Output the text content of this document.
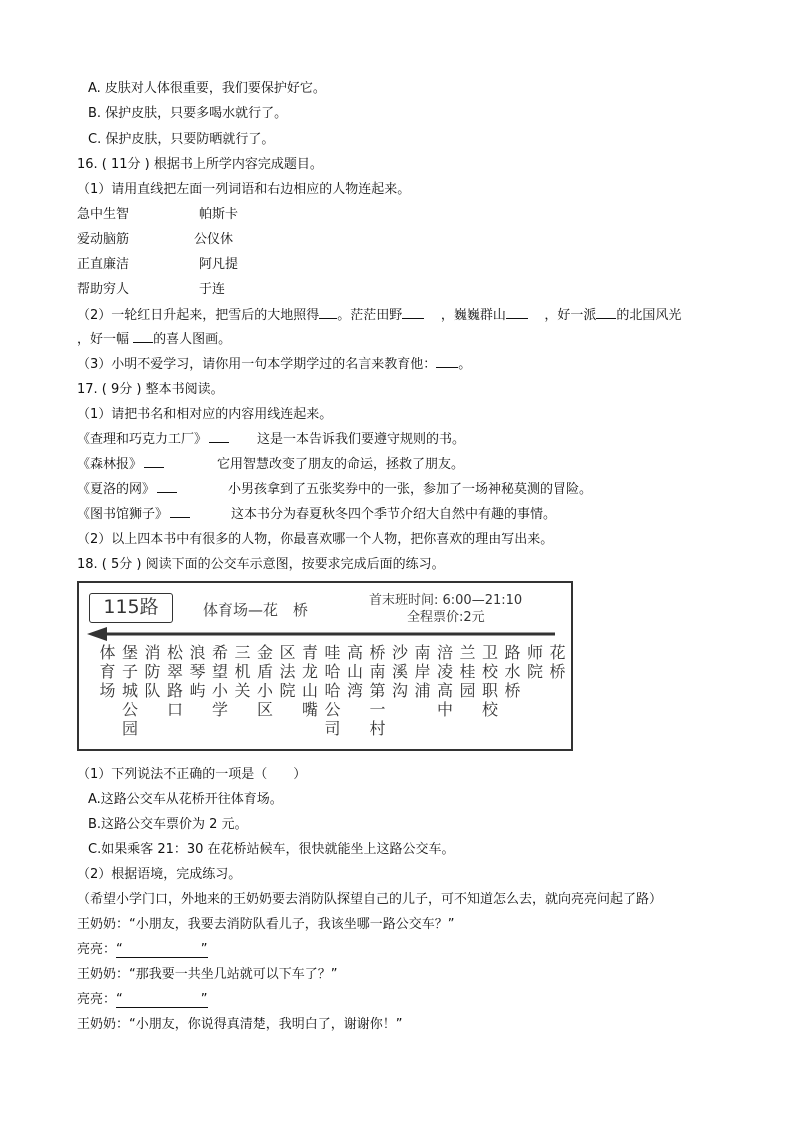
A. 皮肤对人体很重要，我们要保护好它。
B. 保护皮肤，只要多喝水就行了。
C. 保护皮肤，只要防晒就行了。
16. ( 11分 ) 根据书上所学内容完成题目。
（1）请用直线把左面一列词语和右边相应的人物连起来。
急中生智	帕斯卡
爱动脑筋	公仪休
正直廉洁	阿凡提
帮助穷人	于连
（2）一轮红日升起来，把雪后的大地照得 。茫茫田野	，巍巍群山	，好一派 的北国风光
，好一幅 的喜人图画。
（3）小明不爱学习，请你用一句本学期学过的名言来教育他： 。
17. ( 9分 ) 整本书阅读。
（1）请把书名和相对应的内容用线连起来。
《查理和巧克力工厂》	这是一本告诉我们要遵守规则的书。
《森林报》	它用智慧改变了朋友的命运，拯救了朋友。
《夏洛的网》	小男孩拿到了五张奖券中的一张，参加了一场神秘莫测的冒险。
《图书馆狮子》	这本书分为春夏秋冬四个季节介绍大自然中有趣的事情。
（2）以上四本书中有很多的人物，你最喜欢哪一个人物，把你喜欢的理由写出来。
18. ( 5分 ) 阅读下面的公交车示意图，按要求完成后面的练习。
115路	体育场—花　桥
首末班时间: 6:00—21:10
全程票价:2元
体育场
堡子城公园
消防队
松翠路口
浪琴屿
希望小学
三机关
金盾小区
区法院
青龙山嘴
哇哈哈公司
高山湾
桥南第一村
沙溪沟
南岸浦
涪凌高中
兰桂园
卫校职校
路水桥
师院
花桥
（1）下列说法不正确的一项是（　　）
A.这路公交车从花桥开往体育场。
B.这路公交车票价为 2 元。
C.如果乘客 21：30 在花桥站候车，很快就能坐上这路公交车。
（2）根据语境，完成练习。
（希望小学门口，外地来的王奶奶要去消防队探望自己的儿子，可不知道怎么去，就向亮亮问起了路）
王奶奶：“小朋友，我要去消防队看儿子，我该坐哪一路公交车？”
亮亮：“　　　　　　”
王奶奶：“那我要一共坐几站就可以下车了？”
亮亮：“　　　　　　”
王奶奶：“小朋友，你说得真清楚，我明白了，谢谢你！”
